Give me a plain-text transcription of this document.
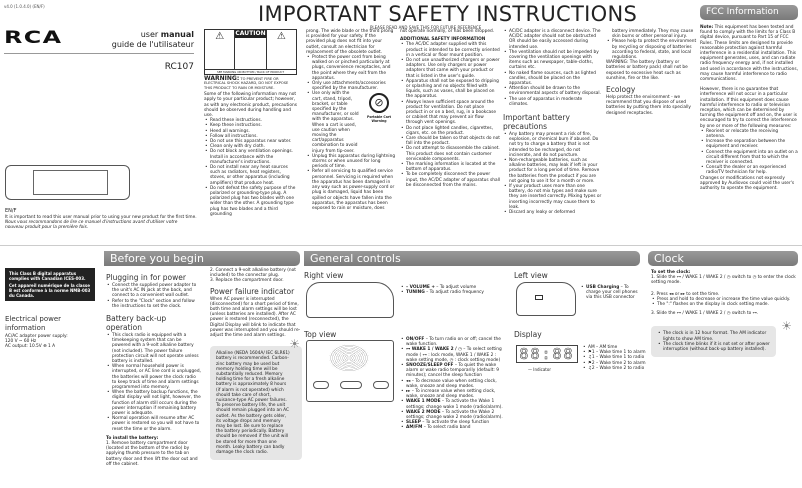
v4.0 (1.0.4.0) (EN/F)	IMPORTANT SAFETY INSTRUCTIONS
PLEASE READ AND SAVE THIS FOR FUTURE REFERENCE
RCA	user manual
guide de l'utilisateur
RC107
EN/F
It is important to read this user manual prior to using your new product for the first time.
Nous vous recommandons de lire ce manuel d'instructions avant d'utiliser votre nouveau produit pour la première fois.
⚠	CAUTION	⚠
SEE MARKING ON BOTTOM / BACK OF PRODUCT
WARNING: TO PREVENT FIRE OR ELECTRICAL SHOCK HAZARD, DO NOT EXPOSE THIS PRODUCT TO RAIN OR MOISTURE.
Some of the following information may not apply to your particular product; however, as with any electronic product, precautions should be observed during handling and use.
• Read these instructions.
• Keep these instructions.
• Heed all warnings.
• Follow all instructions.
• Do not use this apparatus near water.
• Clean only with dry cloth.
• Do not block any ventilation openings. Install in accordance with the manufacturer's instructions.
• Do not install near any heat sources such as radiators, heat registers, stoves, or other apparatus (including amplifiers) that produce heat.
• Do not defeat the safety purpose of the polarized or grounding-type plug. A polarized plug has two blades with one wider than the other. A grounding type plug has two blades and a third grounding
prong. The wide blade or the third prong is provided for your safety. If the provided plug does not fit into your outlet, consult an electrician for replacement of the obsolete outlet.
• Protect the power cord from being walked on or pinched particularly at plugs, convenience receptacles, and the point where they exit from the apparatus.
• Only use attachments/accessories specified by the manufacturer.
• Use only with the cart, stand, tripod, bracket, or table specified by the manufacturer, or sold with the apparatus. When a cart is used, use caution when moving the cart/apparatus combination to avoid injury from tip-over.
⊘
Portable Cart Warning
• Unplug this apparatus during lightning storms or when unused for long periods of time.
• Refer all servicing to qualified service personnel. Servicing is required when the apparatus has been damaged in any way such as power-supply cord or plug is damaged, liquid has been spilled or objects have fallen into the apparatus, the apparatus has been exposed to rain or moisture, does
not operate normally, or has been dropped.
ADDITIONAL SAFETY INFORMATION
• The AC/DC adapter supplied with this product is intended to be correctly oriented in a vertical or floor mount position.
• Do not use unauthorized chargers or power adapters. Use only chargers or power adapters that came with your product or that is listed in the user's guide.
• Apparatus shall not be exposed to dripping or splashing and no objects filled with liquids, such as vases, shall be placed on the apparatus.
• Always leave sufficient space around the product for ventilation. Do not place product in or on a bed, rug, in a bookcase or cabinet that may prevent air flow through vent openings.
• Do not place lighted candles, cigarettes, cigars, etc. on the product.
• Care should be taken so that objects do not fall into the product.
• Do not attempt to disassemble the cabinet. This product does not contain customer serviceable components.
• The marking information is located at the bottom of apparatus.
• To be completely disconnect the power input, the AC/DC adapter of apparatus shall be disconnected from the mains.
• AC/DC adapter is a disconnect device. The AC/DC adapter should not be obstructed OR should be easily accessed during intended use.
• The ventilation should not be impeded by covering the ventilation openings with items such as newspaper, table-cloths, curtains etc.
• No naked flame sources, such as lighted candles, should be placed on the apparatus.
• Attention should be drawn to the environmental aspects of battery disposal.
• The use of apparatus in moderate climates.
Important battery precautions
• Any battery may present a risk of fire, explosion, or chemical burn if abused. Do not try to charge a battery that is not intended to be recharged, do not incinerate, and do not puncture.
• Non-rechargeable batteries, such as alkaline batteries, may leak if left in your product for a long period of time. Remove the batteries from the product if you are not going to use it for a month or more.
• If your product uses more than one battery, do not mix types and make sure they are inserted correctly. Mixing types or inserting incorrectly may cause them to leak.
• Discard any leaky or deformed
battery immediately. They may cause skin burns or other personal injury.
• Please help to protect the environment by recycling or disposing of batteries according to federal, state, and local regulations.
WARNING: The battery (battery or batteries or battery pack) shall not be exposed to excessive heat such as sunshine, fire or the like.
Ecology
Help protect the environment - we recommend that you dispose of used batteries by putting them into specially designed receptacles.
FCC Information
Note: This equipment has been tested and found to comply with the limits for a Class B digital device, pursuant to Part 15 of FCC Rules. These limits are designed to provide reasonable protection against harmful interference in a residential installation. This equipment generates, uses, and can radiate radio frequency energy and, if not installed and used in accordance with the instructions, may cause harmful interference to radio communications.
However, there is no guarantee that interference will not occur in a particular installation. If this equipment does cause harmful interference to radio or television reception, which can be determined by turning the equipment off and on, the user is encouraged to try to correct the interference by one or more of the following measures:
• Reorient or relocate the receiving antenna.
• Increase the separation between the equipment and receiver.
• Connect the equipment into an outlet on a circuit different from that to which the receiver is connected.
• Consult the dealer or an experienced radio/TV technician for help.
Changes or modifications not expressly approved by Audiovox could void the user's authority to operate the equipment.
This Class B digital apparatus complies with Canadian ICES-003.
Cet appareil numérique de la classe B est conforme à la norme NMB-003 du Canada.
Electrical power information
AC/AC adapter power supply:
120 V ~ 60 Hz
AC output: 10.5V ⊕ 1 A
Before you begin
Plugging in for power
• Connect the supplied power adapter to the unit's AC IN jack at the back, and connect to a convenient wall outlet.
• Refer to the "Clock" section and follow the instructions to set the clock.
Battery back-up operation
• This clock radio is equipped with a timekeeping system that can be powered with a 9-volt alkaline battery (not included). The power failure protection circuit will not operate unless battery is installed.
• When normal household power is interrupted, or AC line cord is unplugged, the batteries will power the clock radio to keep track of time and alarm settings programmed into memory.
• When the battery backup functions, the digital display will not light, however, the function of alarm still occurs during the power interruption if remaining battery power is adequate.
• Normal operation will resume after AC power is restored so you will not have to reset the time or the alarm.
To install the battery:
1. Remove battery compartment door (located at the bottom of the radio) by applying thumb pressure to the tab on battery door and then lift the door out and off the cabinet.
2. Connect a 9-volt alkaline battery (not included) to the connector plug.
3. Replace the compartment door.
Power failure indicator
When AC power is interrupted (disconnected) for a short period of time, both time and alarm settings will be lost (unless batteries are installed). After AC power is restored (reconnected), the Digital Display will blink to indicate that power was interrupted and you should re-adjust the time and alarm settings.
☀
Alkaline (NEDA 1604A/ IEC 6LR61) battery is recommended. Carbon-zinc battery may be used but memory holding time will be substantially reduced. Memory holding time for a fresh alkaline battery is approximately 8 hours (if alarm is not operated) which should take care of short, nuisance-type AC power failures. To preserve battery life, the unit should remain plugged into an AC outlet. As the battery gets older, its voltage drops and memory may be lost. Be sure to replace the battery periodically. Battery should be removed if the unit will be stored for more than one month. Leaky battery can badly damage the clock radio.
General controls
Right view
Top view
• – VOLUME + – To adjust volume
• TUNING – To adjust radio frequency
• ON/OFF – To turn radio on or off; cancel the wake function.
• ⊶ WAKE 1 / WAKE 2 / ◷ – To select setting mode ( ⊶ : lock mode, WAKE 1 / WAKE 2 : wake setting mode, ◷ : clock setting mode)
• SNOOZE/SLEEP OFF – To quiet the wake alarm or wake radio temporarily (default: 9 minutes); cancel the sleep function
• ◂◂ – To decrease value when setting clock, wake, snooze and sleep modes.
• ▸▸ – To increase value when setting clock, wake, snooze and sleep modes.
• WAKE 1 MODE – To activate the Wake 1 settings; change wake 1 mode (radio/alarm).
• WAKE 2 MODE – To activate the Wake 2 settings; change wake 2 mode (radio/alarm).
• SLEEP – To activate the sleep function
• AM/FM – To select radio band
Left view
• USB Charging – To charge your cell phones via this USB connector
Display
88:88
— Indicator
• AM – AM time
• ⚑1 – Wake time 1 to alarm
• ♫1 – Wake time 1 to radio
• ⚑2 – Wake time 2 to alarm
• ♫2 – Wake time 2 to radio
Clock
To set the clock:
1. Slide the ⊶ / WAKE 1 / WAKE 2 / ◷ switch to ◷ to enter the clock setting mode.
2. Press ◂◂ or ▸▸ to set the time.
• Press and hold to decrease or increase the time value quickly.
• The ":" flashes on the display in clock setting mode.
3. Slide the ⊶ / WAKE 1 / WAKE 2 / ◷ switch to ⊶.
☀
• The clock is in 12 hour format. The AM indicator lights to show AM time.
• The clock time blinks if it is not set or after power interruption (without back-up battery installed).
